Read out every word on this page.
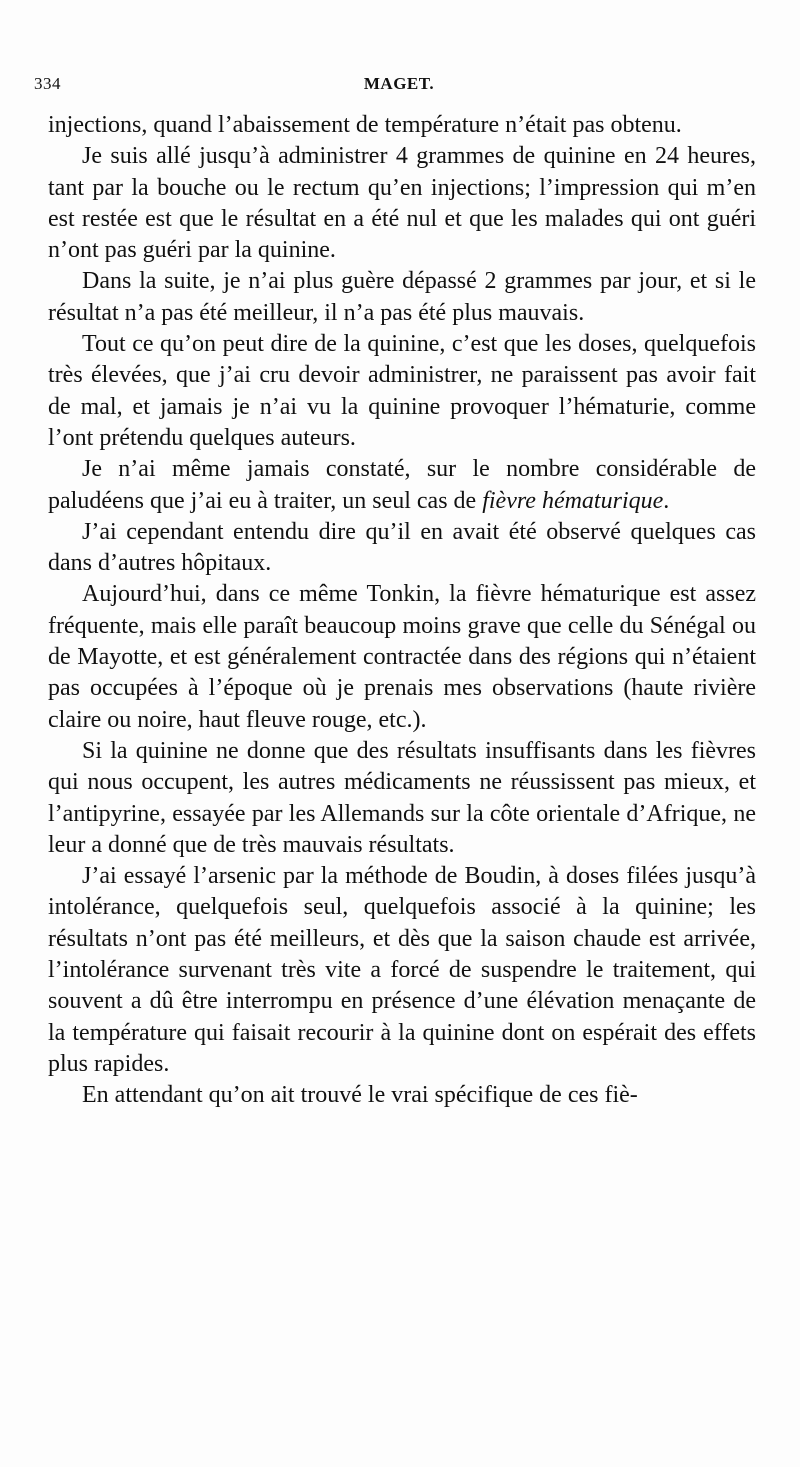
334	MAGET.

injections, quand l’abaissement de température n’était pas obtenu.

Je suis allé jusqu’à administrer 4 grammes de quinine en 24 heures, tant par la bouche ou le rectum qu’en injections; l’impression qui m’en est restée est que le résultat en a été nul et que les malades qui ont guéri n’ont pas guéri par la quinine.

Dans la suite, je n’ai plus guère dépassé 2 grammes par jour, et si le résultat n’a pas été meilleur, il n’a pas été plus mauvais.

Tout ce qu’on peut dire de la quinine, c’est que les doses, quelquefois très élevées, que j’ai cru devoir administrer, ne paraissent pas avoir fait de mal, et jamais je n’ai vu la quinine provoquer l’hématurie, comme l’ont prétendu quelques auteurs.

Je n’ai même jamais constaté, sur le nombre considérable de paludéens que j’ai eu à traiter, un seul cas de fièvre hématurique.

J’ai cependant entendu dire qu’il en avait été observé quelques cas dans d’autres hôpitaux.

Aujourd’hui, dans ce même Tonkin, la fièvre hématurique est assez fréquente, mais elle paraît beaucoup moins grave que celle du Sénégal ou de Mayotte, et est généralement contractée dans des régions qui n’étaient pas occupées à l’époque où je prenais mes observations (haute rivière claire ou noire, haut fleuve rouge, etc.).

Si la quinine ne donne que des résultats insuffisants dans les fièvres qui nous occupent, les autres médicaments ne réussissent pas mieux, et l’antipyrine, essayée par les Allemands sur la côte orientale d’Afrique, ne leur a donné que de très mauvais résultats.

J’ai essayé l’arsenic par la méthode de Boudin, à doses filées jusqu’à intolérance, quelquefois seul, quelquefois associé à la quinine; les résultats n’ont pas été meilleurs, et dès que la saison chaude est arrivée, l’intolérance survenant très vite a forcé de suspendre le traitement, qui souvent a dû être interrompu en présence d’une élévation menaçante de la température qui faisait recourir à la quinine dont on espérait des effets plus rapides.

En attendant qu’on ait trouvé le vrai spécifique de ces fiè-
